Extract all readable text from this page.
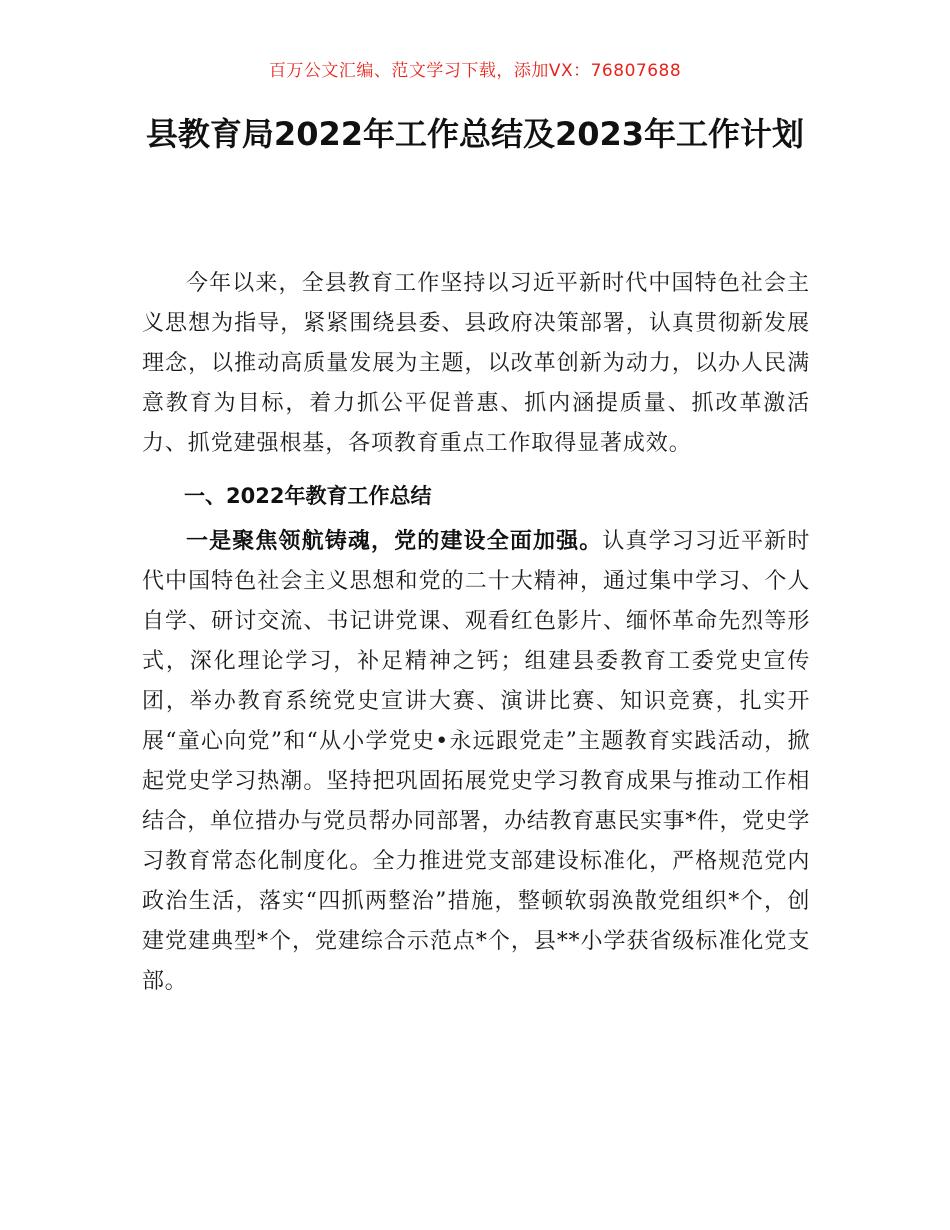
百万公文汇编、范文学习下载，添加VX：76807688
县教育局2022年工作总结及2023年工作计划

今年以来，全县教育工作坚持以习近平新时代中国特色社会主义思想为指导，紧紧围绕县委、县政府决策部署，认真贯彻新发展理念，以推动高质量发展为主题，以改革创新为动力，以办人民满意教育为目标，着力抓公平促普惠、抓内涵提质量、抓改革激活力、抓党建强根基，各项教育重点工作取得显著成效。

一、2022年教育工作总结

一是聚焦领航铸魂，党的建设全面加强。认真学习习近平新时代中国特色社会主义思想和党的二十大精神，通过集中学习、个人自学、研讨交流、书记讲党课、观看红色影片、缅怀革命先烈等形式，深化理论学习，补足精神之钙；组建县委教育工委党史宣传团，举办教育系统党史宣讲大赛、演讲比赛、知识竞赛，扎实开展“童心向党”和“从小学党史•永远跟党走”主题教育实践活动，掀起党史学习热潮。坚持把巩固拓展党史学习教育成果与推动工作相结合，单位措办与党员帮办同部署，办结教育惠民实事*件，党史学习教育常态化制度化。全力推进党支部建设标准化，严格规范党内政治生活，落实“四抓两整治”措施，整顿软弱涣散党组织*个，创建党建典型*个，党建综合示范点*个，县**小学获省级标准化党支部。
